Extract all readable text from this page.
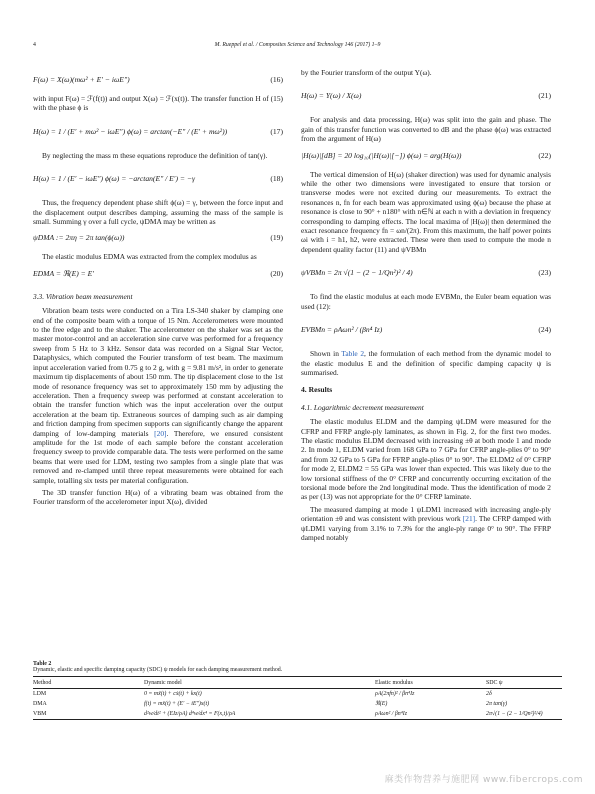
4	M. Rueppel et al. / Composites Science and Technology 146 (2017) 1–9
F(ω) = X(ω)(mω² + E′ − iωE″)	(16)

with input F(ω) = ℱ(f(t)) and output X(ω) = ℱ(x(t)). The transfer function H of (15) with the phase ϕ is

H(ω) = 1 / (E′ + mω² − iωE″) ϕ(ω) = arctan(−E″ / (E′ + mω²))	(17)

By neglecting the mass m these equations reproduce the definition of tan(γ).

H(ω) = 1 / (E′ − iωE″) ϕ(ω) = −arctan(E″ / E′) = −γ	(18)

Thus, the frequency dependent phase shift ϕ(ω) = γ, between the force input and the displacement output describes damping, assuming the mass of the sample is small. Summing γ over a full cycle, ψDMA may be written as

ψDMA := 2πη = 2π tan(ϕ(ω))	(19)

The elastic modulus EDMA was extracted from the complex modulus as

EDMA = ℜ(E) = E′	(20)
3.3. Vibration beam measurement

Vibration beam tests were conducted on a Tira LS-340 shaker by clamping one end of the composite beam with a torque of 15 Nm. Accelerometers were mounted to the free edge and to the shaker. The accelerometer on the shaker was set as the master motor-control and an acceleration sine curve was performed for a frequency sweep from 5 Hz to 3 kHz. Sensor data was recorded on a Signal Star Vector, Dataphysics, which computed the Fourier transform of test beam. The maximum input acceleration varied from 0.75 g to 2 g, with g = 9.81 m/s², in order to generate maximum tip displacements of about 150 mm. The tip displacement close to the 1st mode of resonance frequency was set to approximately 150 mm by adjusting the acceleration. Then a frequency sweep was performed at constant acceleration to obtain the transfer function which was the input acceleration over the output acceleration at the beam tip. Extraneous sources of damping such as air damping and friction damping from specimen supports can significantly change the apparent damping of low-damping materials [20]. Therefore, we ensured consistent amplitude for the 1st mode of each sample before the constant acceleration frequency sweep to provide comparable data. The tests were performed on the same beams that were used for LDM, testing two samples from a single plate that was removed and re-clamped until three repeat measurements were obtained for each sample, totalling six tests per material configuration.

The 3D transfer function H(ω) of a vibrating beam was obtained from the Fourier transform of the accelerometer input X(ω), divided

by the Fourier transform of the output Y(ω).

H(ω) = Y(ω) / X(ω)	(21)

For analysis and data processing, H(ω) was split into the gain and phase. The gain of this transfer function was converted to dB and the phase ϕ(ω) was extracted from the argument of H(ω)

|H(ω)|[dB] = 20 log₁₀(|H(ω)|[−]) ϕ(ω) = arg(H(ω))	(22)

The vertical dimension of H(ω) (shaker direction) was used for dynamic analysis while the other two dimensions were investigated to ensure that torsion or transverse modes were not excited during our measurements. To extract the resonances n, fn for each beam was approximated using ϕ(ω) because the phase at resonance is close to 90° + n180° with n∈ℕ at each n with a deviation in frequency corresponding to damping effects. The local maxima of |H(ω)| then determined the exact resonance frequency fn = ωn/(2π). From this maximum, the half power points ωi with i = h1, h2, were extracted. These were then used to compute the mode n dependent quality factor (11) and ψVBMn

ψVBMn = 2π √(1 − (2 − 1/Qn²)² / 4)	(23)

To find the elastic modulus at each mode EVBMn, the Euler beam equation was used (12):

EVBMn = ρAωn² / (βn⁴ Iz)	(24)

Shown in Table 2, the formulation of each method from the dynamic model to the elastic modulus E and the definition of specific damping capacity ψ is summarised.

4. Results
4.1. Logarithmic decrement measurement

The elastic modulus ELDM and the damping ψLDM were measured for the CFRP and FFRP angle-ply laminates, as shown in Fig. 2, for the first two modes. The elastic modulus ELDM decreased with increasing ±θ at both mode 1 and mode 2. In mode 1, ELDM varied from 168 GPa to 7 GPa for CFRP angle-plies 0° to 90° and from 32 GPa to 5 GPa for FFRP angle-plies 0° to 90°. The ELDM2 of 0° CFRP for mode 2, ELDM2 = 55 GPa was lower than expected. This was likely due to the low torsional stiffness of the 0° CFRP and concurrently occurring excitation of the torsional mode before the 2nd longitudinal mode. Thus the identification of mode 2 as per (13) was not appropriate for the 0° CFRP laminate.

The measured damping at mode 1 ψLDM1 increased with increasing angle-ply orientation ±θ and was consistent with previous work [21]. The CFRP damped with ψLDM1 varying from 3.1% to 7.3% for the angle-ply range 0° to 90°. The FFRP damped notably

Table 2
Dynamic, elastic and specific damping capacity (SDC) ψ models for each damping measurement method.
Method	Dynamic model	Elastic modulus	SDC ψ
LDM	0 = mẍ(t) + cẋ(t) + kx(t)	ρA(2πfn)² / βn⁴Iz	2δ
DMA	f(t) = mẍ(t) + (E′ − iE″)x(t)	ℜ(E)	2π tan(γ)
VBM	d²w/dt² + (EIz/ρA) d⁴w/dx⁴ = F(x,t)/ρA	ρAωn² / βn⁴Iz	2π√(1 − (2 − 1/Qn²)²/4)
麻类作物营养与施肥网 www.fibercrops.com
